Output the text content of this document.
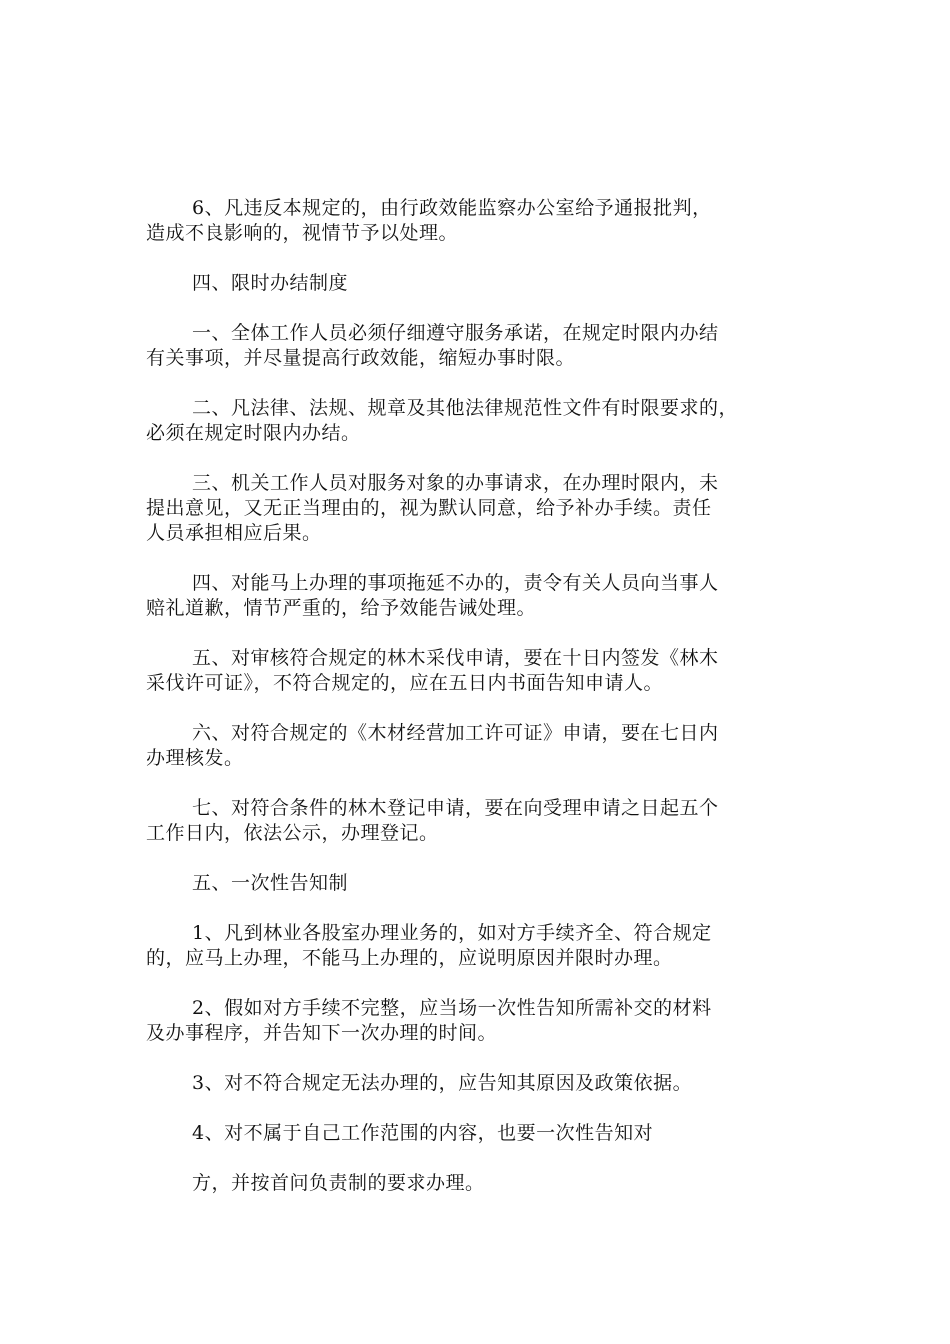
6、凡违反本规定的，由行政效能监察办公室给予通报批判，
造成不良影响的，视情节予以处理。
四、限时办结制度
一、全体工作人员必须仔细遵守服务承诺，在规定时限内办结
有关事项，并尽量提高行政效能，缩短办事时限。
二、凡法律、法规、规章及其他法律规范性文件有时限要求的，
必须在规定时限内办结。
三、机关工作人员对服务对象的办事请求，在办理时限内，未
提出意见，又无正当理由的，视为默认同意，给予补办手续。责任
人员承担相应后果。
四、对能马上办理的事项拖延不办的，责令有关人员向当事人
赔礼道歉，情节严重的，给予效能告诫处理。
五、对审核符合规定的林木采伐申请，要在十日内签发《林木
采伐许可证》，不符合规定的，应在五日内书面告知申请人。
六、对符合规定的《木材经营加工许可证》申请，要在七日内
办理核发。
七、对符合条件的林木登记申请，要在向受理申请之日起五个
工作日内，依法公示，办理登记。
五、一次性告知制
1、凡到林业各股室办理业务的，如对方手续齐全、符合规定
的，应马上办理，不能马上办理的，应说明原因并限时办理。
2、假如对方手续不完整，应当场一次性告知所需补交的材料
及办事程序，并告知下一次办理的时间。
3、对不符合规定无法办理的，应告知其原因及政策依据。
4、对不属于自己工作范围的内容，也要一次性告知对
方，并按首问负责制的要求办理。
